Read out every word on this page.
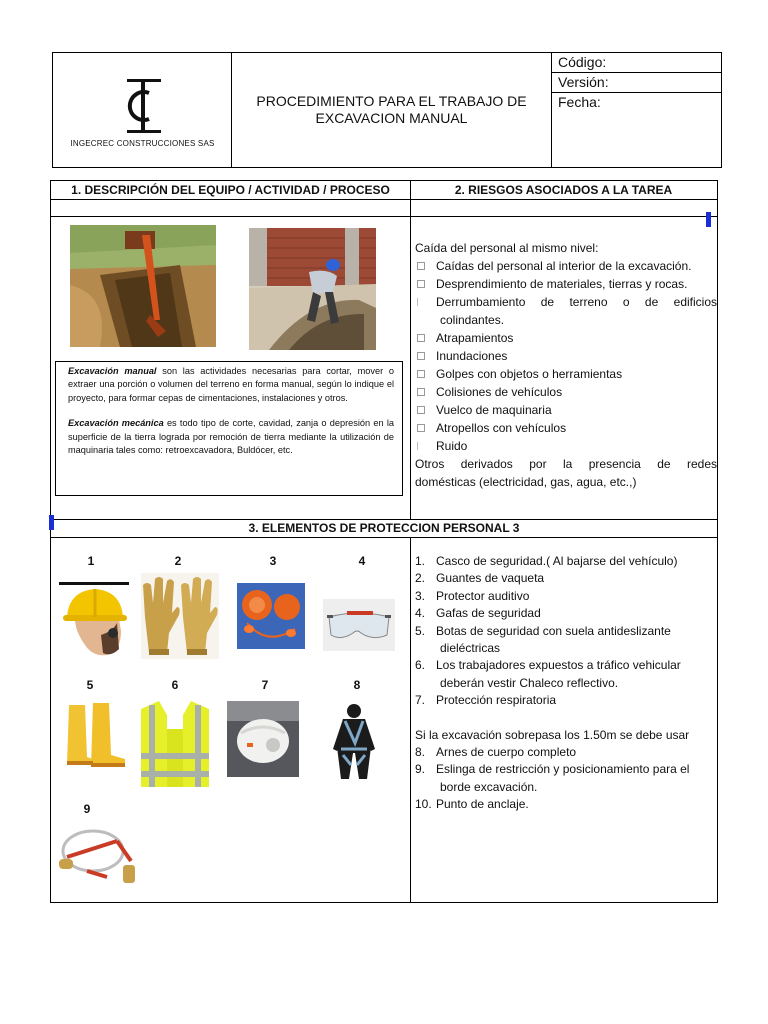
INGECREC CONSTRUCCIONES SAS
PROCEDIMIENTO PARA EL TRABAJO DE
EXCAVACION MANUAL
Código:
Versión:
Fecha:
1. DESCRIPCIÓN DEL EQUIPO / ACTIVIDAD / PROCESO	2. RIESGOS ASOCIADOS A LA TAREA
3. ELEMENTOS DE PROTECCION PERSONAL 3

Excavación manual son las actividades necesarias para cortar, mover o extraer una porción o volumen del terreno en forma manual, según lo indique el proyecto, para formar cepas de cimentaciones, instalaciones y otros.

Excavación mecánica es todo tipo de corte, cavidad, zanja o depresión en la superficie de la tierra lograda por remoción de tierra mediante la utilización de maquinaria tales como: retroexcavadora, Buldócer, etc.

Caída del personal al mismo nivel:
Caídas del personal al interior de la excavación.
Desprendimiento de materiales, tierras y rocas.
Derrumbamiento de terreno o de edificios
colindantes.
Atrapamientos
Inundaciones
Golpes con objetos o herramientas
Colisiones de vehículos
Vuelco de maquinaria
Atropellos con vehículos
Ruido
Otros derivados por la presencia de redes
domésticas (electricidad, gas, agua, etc.,)
1	2	3	4
5	6	7	8
9
1. Casco de seguridad.( Al bajarse del vehículo)
2. Guantes de vaqueta
3. Protector auditivo
4. Gafas de seguridad
5. Botas de seguridad con suela antideslizante
dieléctricas
6. Los trabajadores expuestos a tráfico vehicular
deberán vestir Chaleco reflectivo.
7. Protección respiratoria
Si la excavación sobrepasa los 1.50m se debe usar
8. Arnes de cuerpo completo
9. Eslinga de restricción y posicionamiento para el
borde excavación.
10. Punto de anclaje.
